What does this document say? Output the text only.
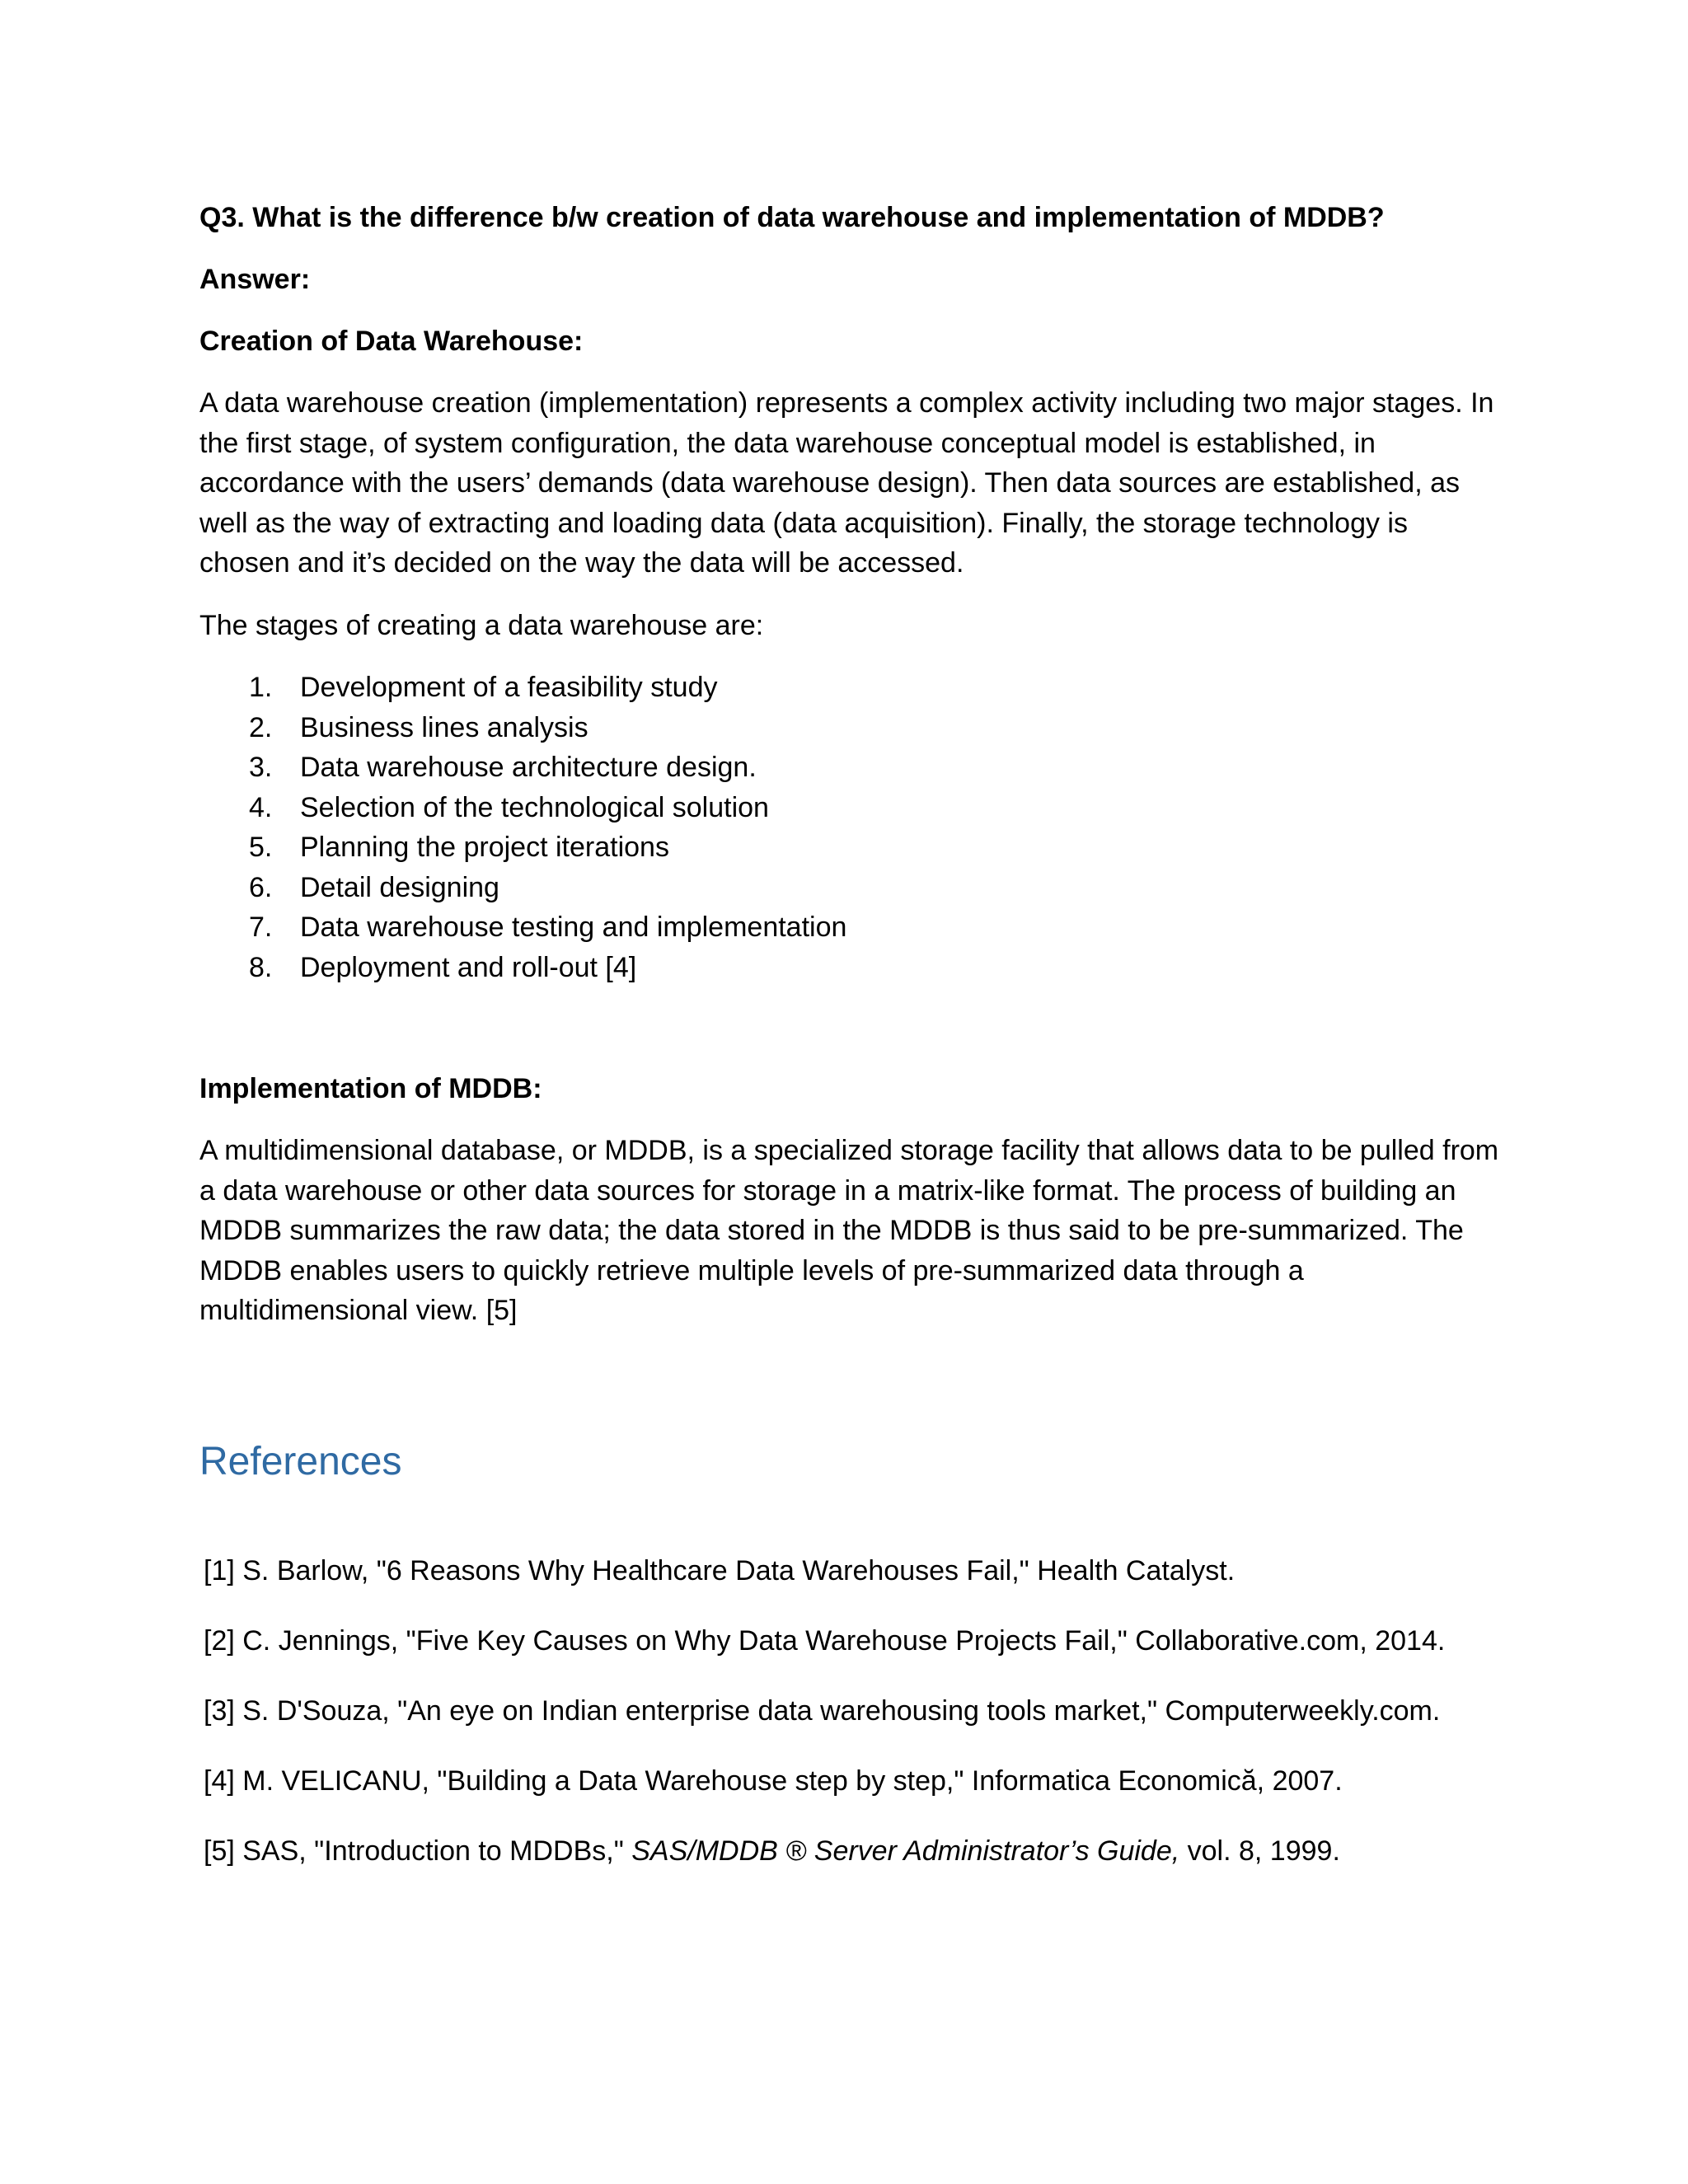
Q3. What is the difference b/w creation of data warehouse and implementation of MDDB?
Answer:
Creation of Data Warehouse:
A data warehouse creation (implementation) represents a complex activity including two major stages. In the first stage, of system configuration, the data warehouse conceptual model is established, in accordance with the users’ demands (data warehouse design). Then data sources are established, as well as the way of extracting and loading data (data acquisition). Finally, the storage technology is chosen and it’s decided on the way the data will be accessed.
The stages of creating a data warehouse are:
1. Development of a feasibility study
2. Business lines analysis
3. Data warehouse architecture design.
4. Selection of the technological solution
5. Planning the project iterations
6. Detail designing
7. Data warehouse testing and implementation
8. Deployment and roll-out [4]
Implementation of MDDB:
A multidimensional database, or MDDB, is a specialized storage facility that allows data to be pulled from a data warehouse or other data sources for storage in a matrix-like format. The process of building an MDDB summarizes the raw data; the data stored in the MDDB is thus said to be pre-summarized. The MDDB enables users to quickly retrieve multiple levels of pre-summarized data through a multidimensional view. [5]
References
[1] S. Barlow, "6 Reasons Why Healthcare Data Warehouses Fail," Health Catalyst.
[2] C. Jennings, "Five Key Causes on Why Data Warehouse Projects Fail," Collaborative.com, 2014.
[3] S. D'Souza, "An eye on Indian enterprise data warehousing tools market," Computerweekly.com.
[4] M. VELICANU, "Building a Data Warehouse step by step," Informatica Economică, 2007.
[5] SAS, "Introduction to MDDBs," SAS/MDDB ® Server Administrator’s Guide, vol. 8, 1999.
